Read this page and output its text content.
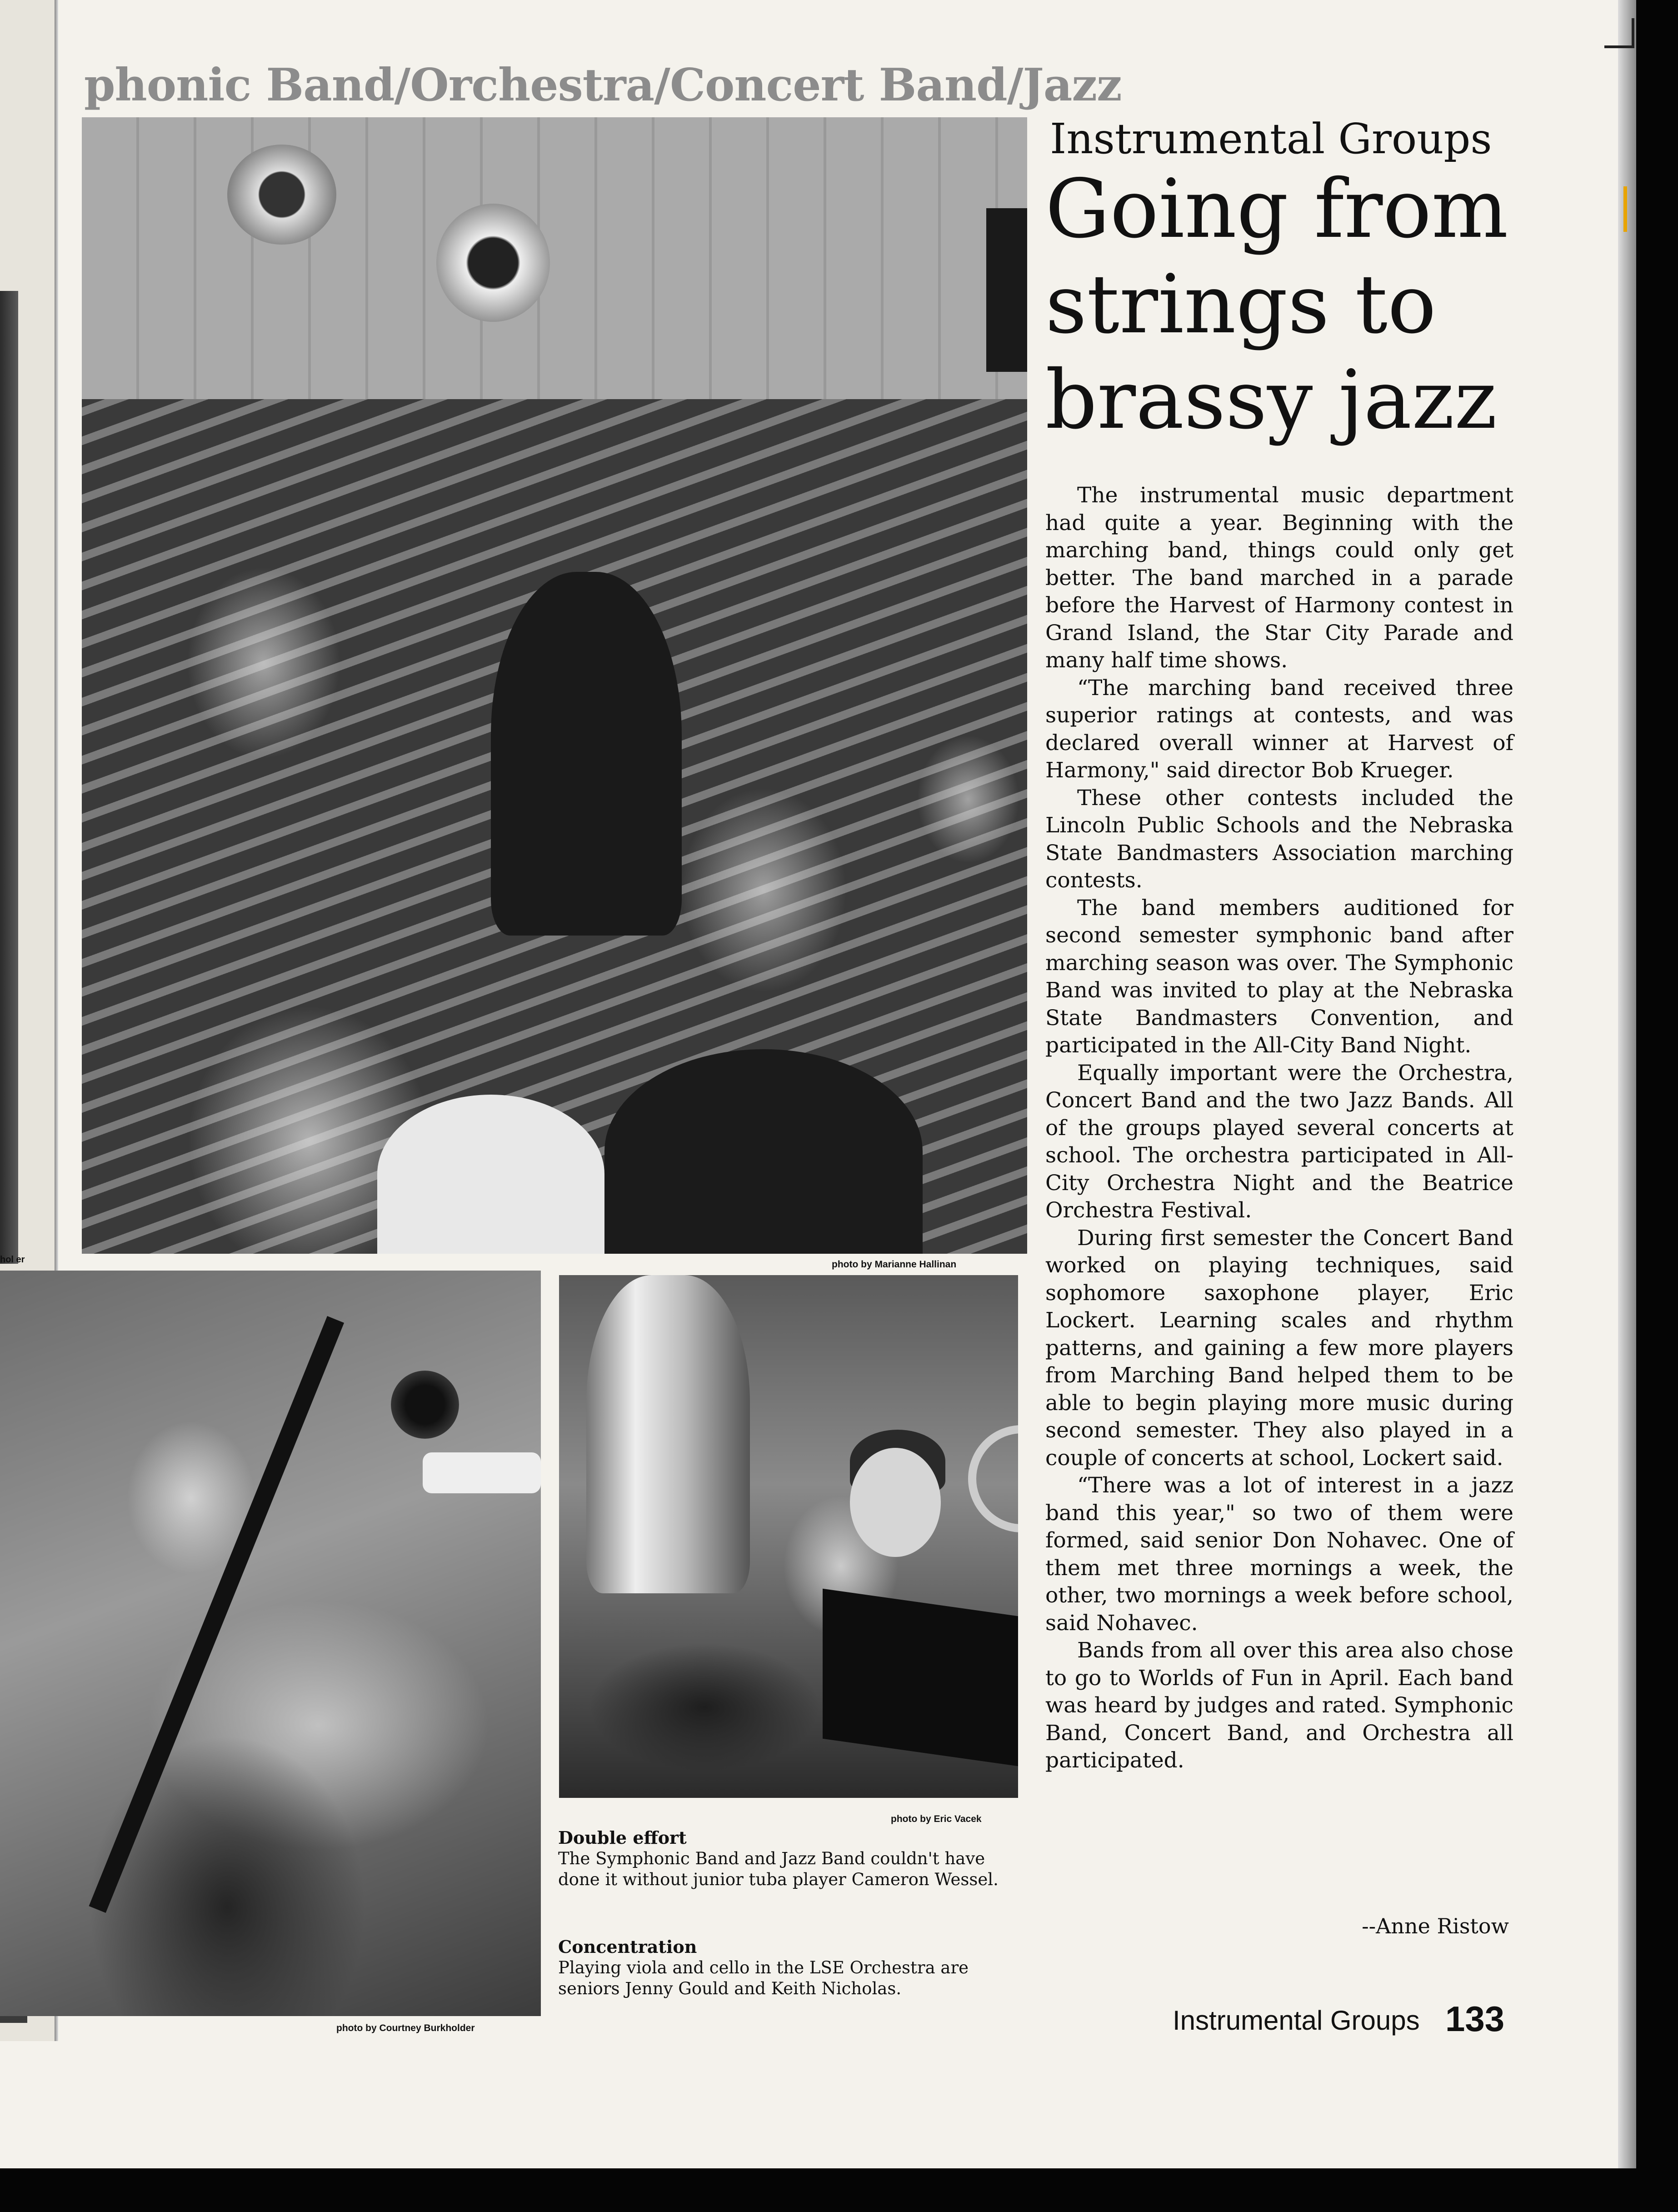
hol er
phonic Band/Orchestra/Concert Band/Jazz
photo by Marianne Hallinan
photo by Courtney Burkholder
photo by Eric Vacek
Double effort
The Symphonic Band and Jazz Band couldn't have done it without junior tuba player Cameron Wessel.
Concentration
Playing viola and cello in the LSE Orchestra are seniors Jenny Gould and Keith Nicholas.
Instrumental Groups
Going from strings to brassy jazz

The instrumental music department had quite a year. Beginning with the marching band, things could only get better. The band marched in a parade before the Harvest of Harmony contest in Grand Island, the Star City Parade and many half time shows.

“The marching band received three superior ratings at contests, and was declared overall winner at Harvest of Harmony," said director Bob Krueger.

These other contests included the Lincoln Public Schools and the Nebraska State Bandmasters Association marching contests.

The band members auditioned for second semester symphonic band after marching season was over. The Symphonic Band was invited to play at the Nebraska State Bandmasters Convention, and participated in the All-City Band Night.

Equally important were the Orchestra, Concert Band and the two Jazz Bands. All of the groups played several concerts at school. The orchestra participated in All-City Orchestra Night and the Beatrice Orchestra Festival.

During first semester the Concert Band worked on playing techniques, said sophomore saxophone player, Eric Lockert. Learning scales and rhythm patterns, and gaining a few more players from Marching Band helped them to be able to begin playing more music during second semester. They also played in a couple of concerts at school, Lockert said.

“There was a lot of interest in a jazz band this year," so two of them were formed, said senior Don Nohavec. One of them met three mornings a week, the other, two mornings a week before school, said Nohavec.

Bands from all over this area also chose to go to Worlds of Fun in April. Each band was heard by judges and rated. Symphonic Band, Concert Band, and Orchestra all participated.

--Anne Ristow
Instrumental Groups 133
